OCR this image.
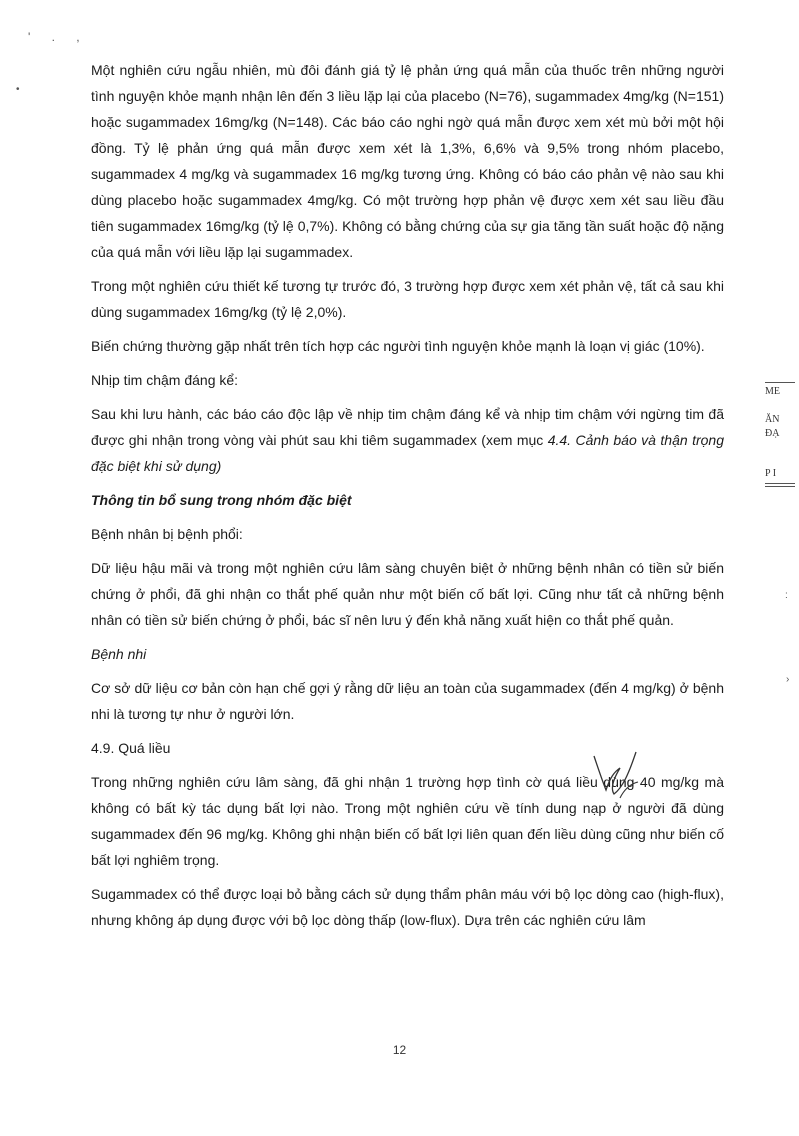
' . ,
•

Một nghiên cứu ngẫu nhiên, mù đôi đánh giá tỷ lệ phản ứng quá mẫn của thuốc trên những người tình nguyện khỏe mạnh nhận lên đến 3 liều lặp lại của placebo (N=76), sugammadex 4mg/kg (N=151) hoặc sugammadex 16mg/kg (N=148). Các báo cáo nghi ngờ quá mẫn được xem xét mù bởi một hội đồng. Tỷ lệ phản ứng quá mẫn được xem xét là 1,3%, 6,6% và 9,5% trong nhóm placebo, sugammadex 4 mg/kg và sugammadex 16 mg/kg tương ứng. Không có báo cáo phản vệ nào sau khi dùng placebo hoặc sugammadex 4mg/kg. Có một trường hợp phản vệ được xem xét sau liều đầu tiên sugammadex 16mg/kg (tỷ lệ 0,7%). Không có bằng chứng của sự gia tăng tần suất hoặc độ nặng của quá mẫn với liều lặp lại sugammadex.

Trong một nghiên cứu thiết kế tương tự trước đó, 3 trường hợp được xem xét phản vệ, tất cả sau khi dùng sugammadex 16mg/kg (tỷ lệ 2,0%).

Biến chứng thường gặp nhất trên tích hợp các người tình nguyện khỏe mạnh là loạn vị giác (10%).

Nhịp tim chậm đáng kể:

Sau khi lưu hành, các báo cáo độc lập về nhịp tim chậm đáng kể và nhịp tim chậm với ngừng tim đã được ghi nhận trong vòng vài phút sau khi tiêm sugammadex (xem mục 4.4. Cảnh báo và thận trọng đặc biệt khi sử dụng)

Thông tin bổ sung trong nhóm đặc biệt

Bệnh nhân bị bệnh phổi:

Dữ liệu hậu mãi và trong một nghiên cứu lâm sàng chuyên biệt ở những bệnh nhân có tiền sử biến chứng ở phổi, đã ghi nhận co thắt phế quản như một biến cố bất lợi. Cũng như tất cả những bệnh nhân có tiền sử biến chứng ở phổi, bác sĩ nên lưu ý đến khả năng xuất hiện co thắt phế quản.

Bệnh nhi

Cơ sở dữ liệu cơ bản còn hạn chế gợi ý rằng dữ liệu an toàn của sugammadex (đến 4 mg/kg) ở bệnh nhi là tương tự như ở người lớn.

4.9. Quá liều

Trong những nghiên cứu lâm sàng, đã ghi nhận 1 trường hợp tình cờ quá liều dùng 40 mg/kg mà không có bất kỳ tác dụng bất lợi nào. Trong một nghiên cứu về tính dung nạp ở người đã dùng sugammadex đến 96 mg/kg. Không ghi nhận biến cố bất lợi liên quan đến liều dùng cũng như biến cố bất lợi nghiêm trọng.

Sugammadex có thể được loại bỏ bằng cách sử dụng thẩm phân máu với bộ lọc dòng cao (high-flux), nhưng không áp dụng được với bộ lọc dòng thấp (low-flux). Dựa trên các nghiên cứu lâm

ME
ĂN
ĐẠ
P I
:
›
12
